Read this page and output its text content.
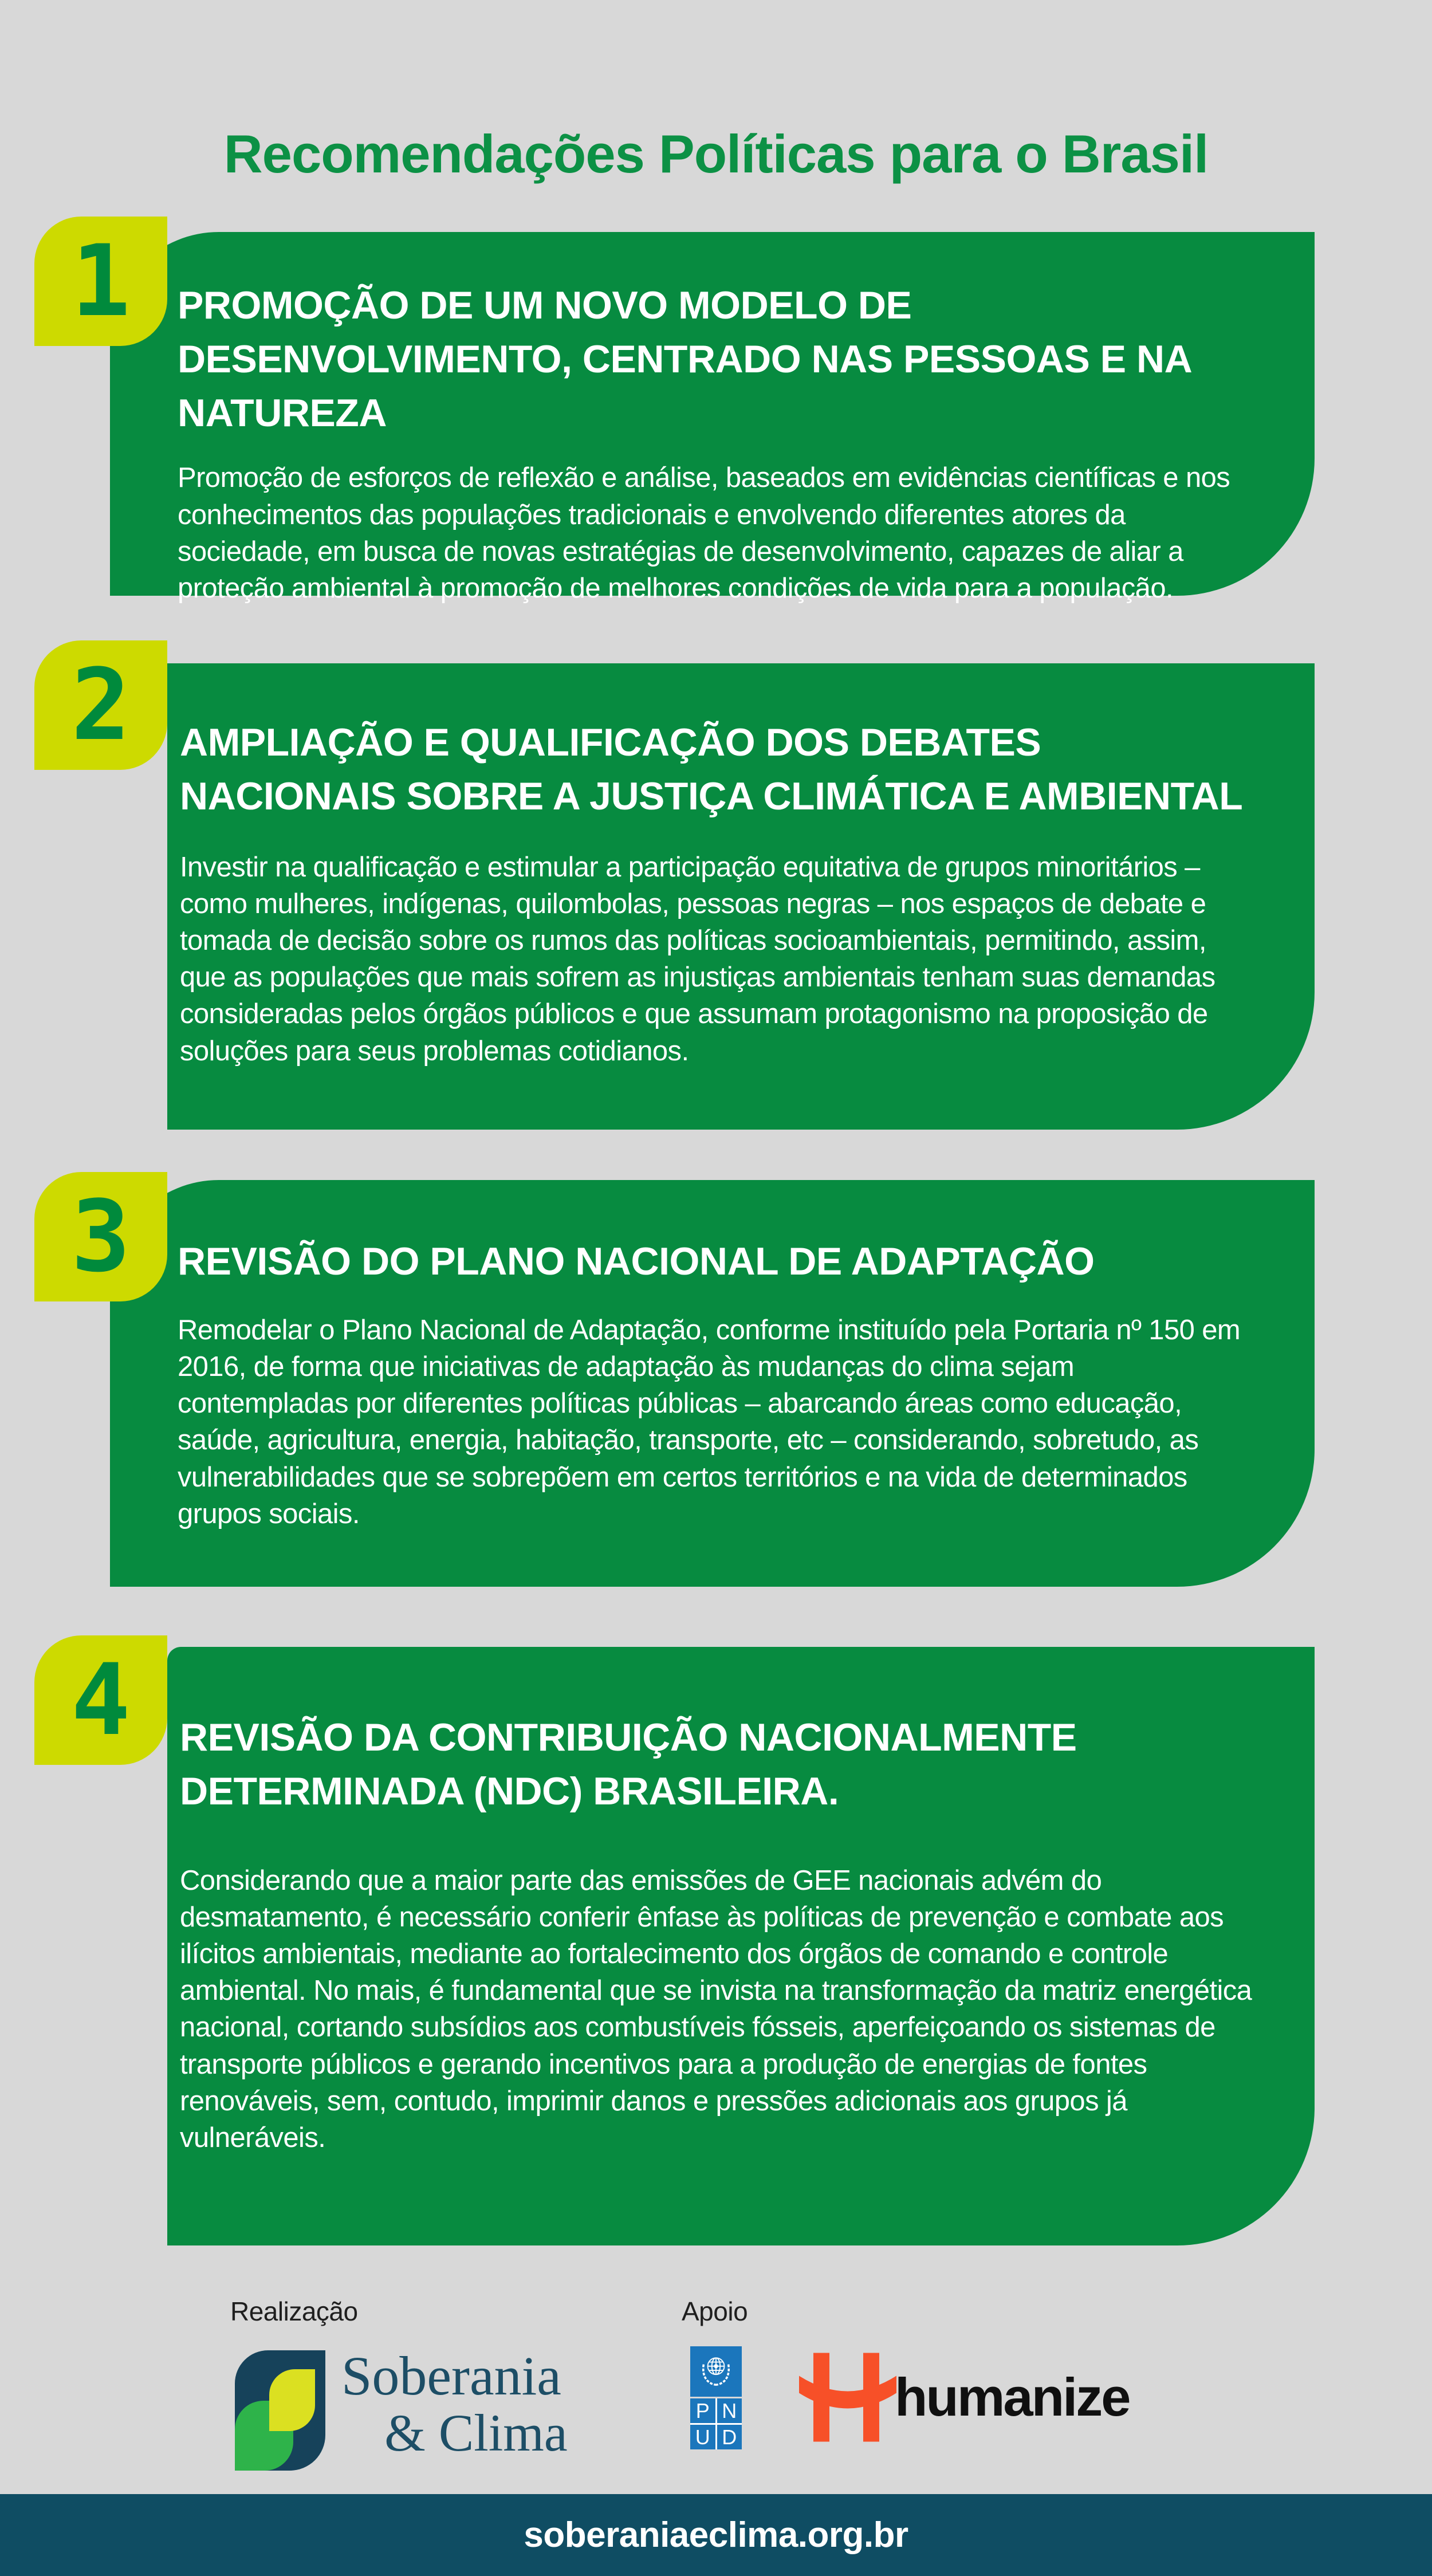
Recomendações Políticas para o Brasil
1 PROMOÇÃO DE UM NOVO MODELO DE DESENVOLVIMENTO, CENTRADO NAS PESSOAS E NA NATUREZA

Promoção de esforços de reflexão e análise, baseados em evidências científicas e nos conhecimentos das populações tradicionais e envolvendo diferentes atores da sociedade, em busca de novas estratégias de desenvolvimento, capazes de aliar a proteção ambiental à promoção de melhores condições de vida para a população.

2 AMPLIAÇÃO E QUALIFICAÇÃO DOS DEBATES NACIONAIS SOBRE A JUSTIÇA CLIMÁTICA E AMBIENTAL

Investir na qualificação e estimular a participação equitativa de grupos minoritários – como mulheres, indígenas, quilombolas, pessoas negras – nos espaços de debate e tomada de decisão sobre os rumos das políticas socioambientais, permitindo, assim, que as populações que mais sofrem as injustiças ambientais tenham suas demandas consideradas pelos órgãos públicos e que assumam protagonismo na proposição de soluções para seus problemas cotidianos.

3 REVISÃO DO PLANO NACIONAL DE ADAPTAÇÃO

Remodelar o Plano Nacional de Adaptação, conforme instituído pela Portaria nº 150 em 2016, de forma que iniciativas de adaptação às mudanças do clima sejam contempladas por diferentes políticas públicas – abarcando áreas como educação, saúde, agricultura, energia, habitação, transporte, etc – considerando, sobretudo, as vulnerabilidades que se sobrepõem em certos territórios e na vida de determinados grupos sociais.

4 REVISÃO DA CONTRIBUIÇÃO NACIONALMENTE DETERMINADA (NDC) BRASILEIRA.

Considerando que a maior parte das emissões de GEE nacionais advém do desmatamento, é necessário conferir ênfase às políticas de prevenção e combate aos ilícitos ambientais, mediante ao fortalecimento dos órgãos de comando e controle ambiental. No mais, é fundamental que se invista na transformação da matriz energética nacional, cortando subsídios aos combustíveis fósseis, aperfeiçoando os sistemas de transporte públicos e gerando incentivos para a produção de energias de fontes renováveis, sem, contudo, imprimir danos e pressões adicionais aos grupos já vulneráveis.

Realização	Apoio
Soberania
& Clima	P N
U D
humanize
soberaniaeclima.org.br
